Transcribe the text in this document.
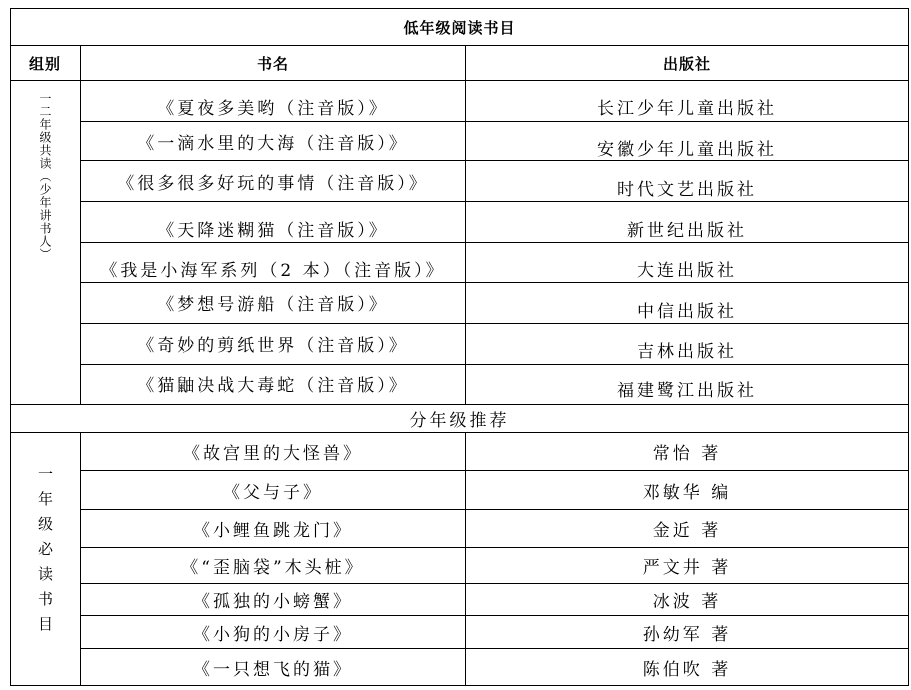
低年级阅读书目
组别	书名	出版社
一二年级共读（少年讲书人）	《夏夜多美哟（注音版）》	长江少年儿童出版社
《一滴水里的大海（注音版）》	安徽少年儿童出版社
《很多很多好玩的事情（注音版）》	时代文艺出版社
《天降迷糊猫（注音版）》	新世纪出版社
《我是小海军系列（2 本）（注音版）》	大连出版社
《梦想号游船（注音版）》	中信出版社
《奇妙的剪纸世界（注音版）》	吉林出版社
《猫鼬决战大毒蛇（注音版）》	福建鹭江出版社
分年级推荐
一年级必读书目
《故宫里的大怪兽》	常怡 著
《父与子》	邓敏华 编
《小鲤鱼跳龙门》	金近 著
《“歪脑袋”木头桩》	严文井 著
《孤独的小螃蟹》	冰波 著
《小狗的小房子》	孙幼军 著
《一只想飞的猫》	陈伯吹 著
